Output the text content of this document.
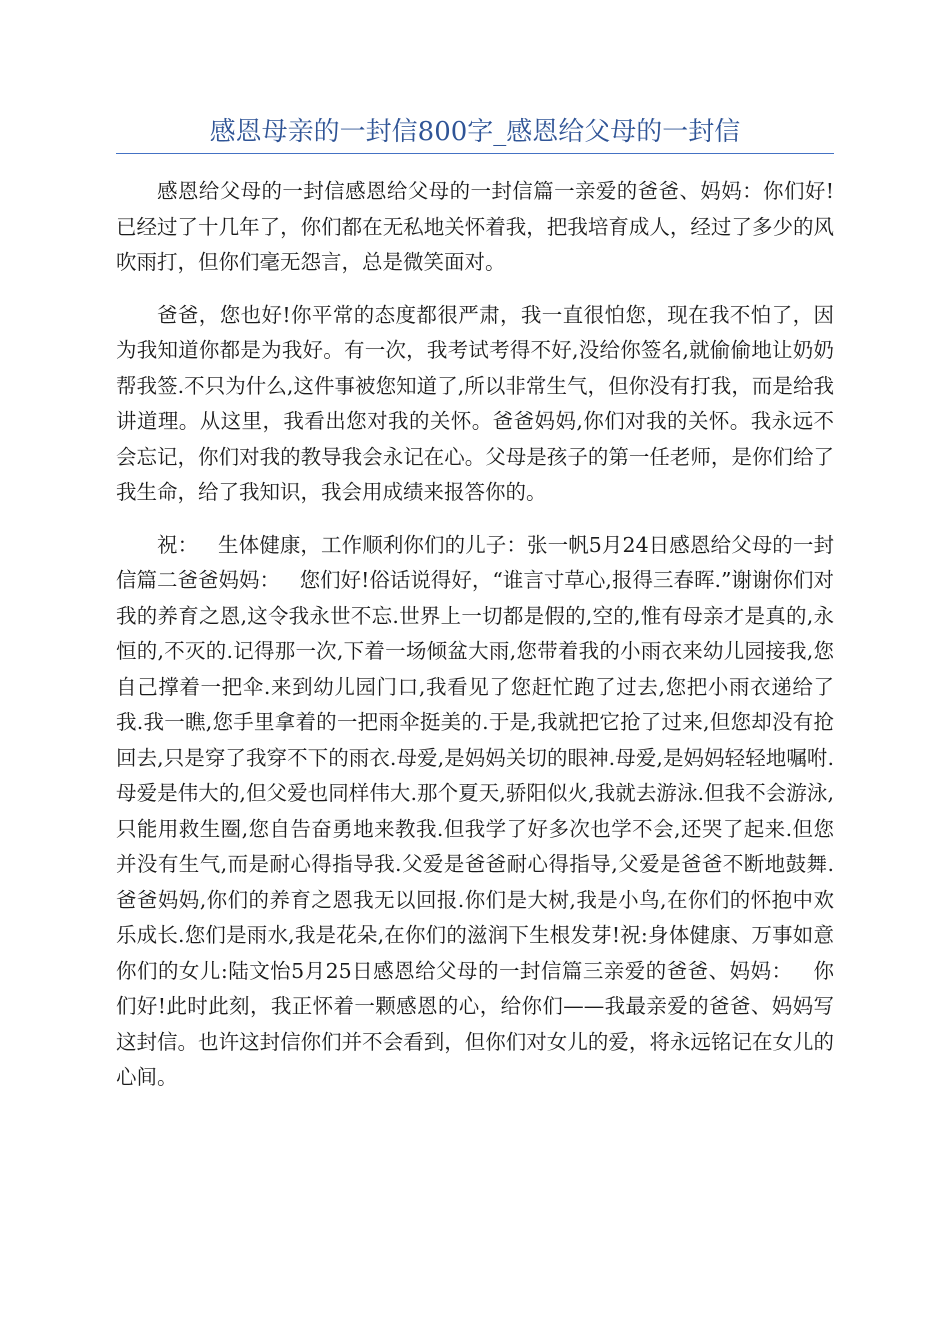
感恩母亲的一封信800字_感恩给父母的一封信

感恩给父母的一封信感恩给父母的一封信篇一亲爱的爸爸、妈妈：你们好!已经过了十几年了，你们都在无私地关怀着我，把我培育成人，经过了多少的风吹雨打，但你们毫无怨言，总是微笑面对。

爸爸，您也好!你平常的态度都很严肃，我一直很怕您，现在我不怕了，因为我知道你都是为我好。有一次，我考试考得不好,没给你签名,就偷偷地让奶奶帮我签.不只为什么,这件事被您知道了,所以非常生气，但你没有打我，而是给我讲道理。从这里，我看出您对我的关怀。爸爸妈妈,你们对我的关怀。我永远不会忘记，你们对我的教导我会永记在心。父母是孩子的第一任老师，是你们给了我生命，给了我知识，我会用成绩来报答你的。

祝：   生体健康，工作顺利你们的儿子：张一帆5月24日感恩给父母的一封信篇二爸爸妈妈：   您们好!俗话说得好，“谁言寸草心,报得三春晖.”谢谢你们对我的养育之恩,这令我永世不忘.世界上一切都是假的,空的,惟有母亲才是真的,永恒的,不灭的.记得那一次,下着一场倾盆大雨,您带着我的小雨衣来幼儿园接我,您自己撑着一把伞.来到幼儿园门口,我看见了您赶忙跑了过去,您把小雨衣递给了我.我一瞧,您手里拿着的一把雨伞挺美的.于是,我就把它抢了过来,但您却没有抢回去,只是穿了我穿不下的雨衣.母爱,是妈妈关切的眼神.母爱,是妈妈轻轻地嘱咐.母爱是伟大的,但父爱也同样伟大.那个夏天,骄阳似火,我就去游泳.但我不会游泳,只能用救生圈,您自告奋勇地来教我.但我学了好多次也学不会,还哭了起来.但您并没有生气,而是耐心得指导我.父爱是爸爸耐心得指导,父爱是爸爸不断地鼓舞.爸爸妈妈,你们的养育之恩我无以回报.你们是大树,我是小鸟,在你们的怀抱中欢乐成长.您们是雨水,我是花朵,在你们的滋润下生根发芽!祝:身体健康、万事如意你们的女儿:陆文怡5月25日感恩给父母的一封信篇三亲爱的爸爸、妈妈：   你们好!此时此刻，我正怀着一颗感恩的心，给你们——我最亲爱的爸爸、妈妈写这封信。也许这封信你们并不会看到，但你们对女儿的爱，将永远铭记在女儿的心间。
